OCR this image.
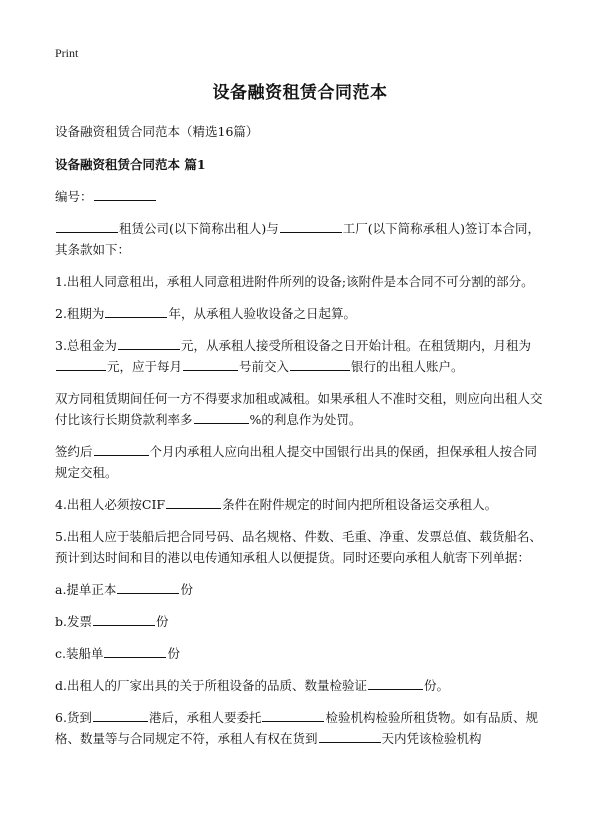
Print
设备融资租赁合同范本
设备融资租赁合同范本（精选16篇）
设备融资租赁合同范本 篇1
编号：
租赁公司(以下简称出租人)与	工厂(以下简称承租人)签订本合同，其条款如下：
1.出租人同意租出，承租人同意租进附件所列的设备;该附件是本合同不可分割的部分。
2.租期为	年，从承租人验收设备之日起算。
3.总租金为	元，从承租人接受所租设备之日开始计租。在租赁期内，月租为元，应于每月	号前交入	银行的出租人账户。
双方同租赁期间任何一方不得要求加租或减租。如果承租人不准时交租，则应向出租人交付比该行长期贷款利率多	%的利息作为处罚。
签约后	个月内承租人应向出租人提交中国银行出具的保函，担保承租人按合同规定交租。
4.出租人必须按CIF	条件在附件规定的时间内把所租设备运交承租人。
5.出租人应于装船后把合同号码、品名规格、件数、毛重、净重、发票总值、载货船名、预计到达时间和目的港以电传通知承租人以便提货。同时还要向承租人航寄下列单据：
a.提单正本	份
b.发票	份
c.装船单	份
d.出租人的厂家出具的关于所租设备的品质、数量检验证	份。
6.货到	港后，承租人要委托	检验机构检验所租货物。如有品质、规格、数量等与合同规定不符，承租人有权在货到	天内凭该检验机构
